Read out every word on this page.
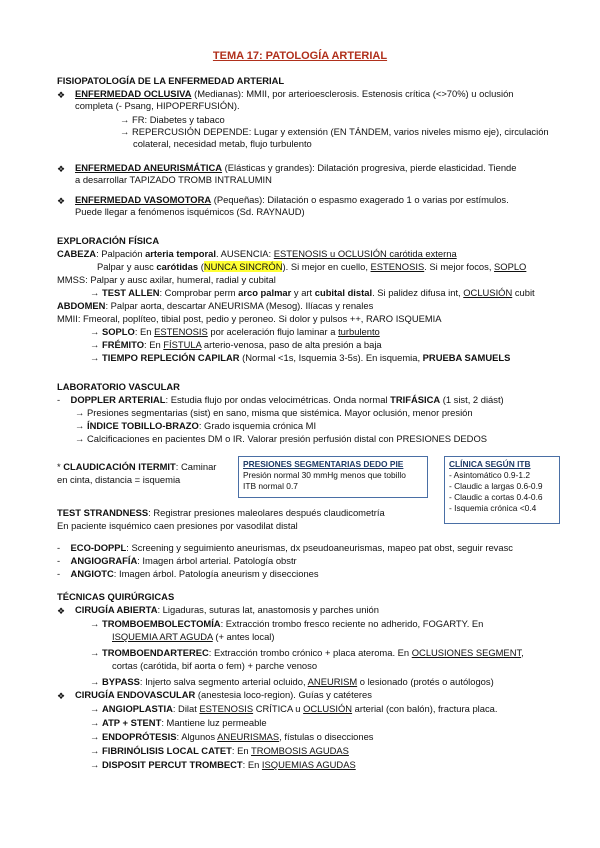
TEMA 17: PATOLOGÍA ARTERIAL
FISIOPATOLOGÍA DE LA ENFERMEDAD ARTERIAL
❖ ENFERMEDAD OCLUSIVA (Medianas): MMII, por arterioesclerosis. Estenosis crítica (<>70%) u oclusión
completa (- Psang, HIPOPERFUSIÓN).
→ FR: Diabetes y tabaco
→ REPERCUSIÓN DEPENDE: Lugar y extensión (EN TÁNDEM, varios niveles mismo eje), circulación
colateral, necesidad metab, flujo turbulento
❖ ENFERMEDAD ANEURISMÁTICA (Elásticas y grandes): Dilatación progresiva, pierde elasticidad. Tiende
a desarrollar TAPIZADO TROMB INTRALUMIN
❖ ENFERMEDAD VASOMOTORA (Pequeñas): Dilatación o espasmo exagerado 1 o varias por estímulos.
Puede llegar a fenómenos isquémicos (Sd. RAYNAUD)
EXPLORACIÓN FÍSICA
CABEZA: Palpación arteria temporal. AUSENCIA: ESTENOSIS u OCLUSIÓN carótida externa
Palpar y ausc carótidas (NUNCA SINCRÓN). Si mejor en cuello, ESTENOSIS. Si mejor focos, SOPLO
MMSS: Palpar y ausc axilar, humeral, radial y cubital
→ TEST ALLEN: Comprobar perm arco palmar y art cubital distal. Si palidez difusa int, OCLUSIÓN cubit
ABDOMEN: Palpar aorta, descartar ANEURISMA (Mesog). Ilíacas y renales
MMII: Fmeoral, poplíteo, tibial post, pedio y peroneo. Si dolor y pulsos ++, RARO ISQUEMIA
→ SOPLO: En ESTENOSIS por aceleración flujo laminar a turbulento
→ FRÉMITO: En FÍSTULA arterio-venosa, paso de alta presión a baja
→ TIEMPO REPLECIÓN CAPILAR (Normal <1s, Isquemia 3-5s). En isquemia, PRUEBA SAMUELS
LABORATORIO VASCULAR
- DOPPLER ARTERIAL: Estudia flujo por ondas velocimétricas. Onda normal TRIFÁSICA (1 sist, 2 diást)
→ Presiones segmentarias (sist) en sano, misma que sistémica. Mayor oclusión, menor presión
→ ÍNDICE TOBILLO-BRAZO: Grado isquemia crónica MI
→ Calcificaciones en pacientes DM o IR. Valorar presión perfusión distal con PRESIONES DEDOS
* CLAUDICACIÓN ITERMIT: Caminar
en cinta, distancia = isquemia
PRESIONES SEGMENTARIAS DEDO PIE
Presión normal 30 mmHg menos que tobillo
ITB normal 0.7
CLÍNICA SEGÚN ITB
- Asintomático 0.9-1.2
- Claudic a largas 0.6-0.9
- Claudic a cortas 0.4-0.6
- Isquemia crónica <0.4
TEST STRANDNESS: Registrar presiones maleolares después claudicometría
En paciente isquémico caen presiones por vasodilat distal
- ECO-DOPPL: Screening y seguimiento aneurismas, dx pseudoaneurismas, mapeo pat obst, seguir revasc
- ANGIOGRAFÍA: Imagen árbol arterial. Patología obstr
- ANGIOTC: Imagen árbol. Patología aneurism y disecciones
TÉCNICAS QUIRÚRGICAS
❖ CIRUGÍA ABIERTA: Ligaduras, suturas lat, anastomosis y parches unión
→ TROMBOEMBOLECTOMÍA: Extracción trombo fresco reciente no adherido, FOGARTY. En
ISQUEMIA ART AGUDA (+ antes local)
→ TROMBOENDARTEREC: Extracción trombo crónico + placa ateroma. En OCLUSIONES SEGMENT,
cortas (carótida, bif aorta o fem) + parche venoso
→ BYPASS: Injerto salva segmento arterial ocluido, ANEURISM o lesionado (protés o autólogos)
❖ CIRUGÍA ENDOVASCULAR (anestesia loco-region). Guías y catéteres
→ ANGIOPLASTIA: Dilat ESTENOSIS CRÍTICA u OCLUSIÓN arterial (con balón), fractura placa.
→ ATP + STENT: Mantiene luz permeable
→ ENDOPRÓTESIS: Algunos ANEURISMAS, fístulas o disecciones
→ FIBRINÓLISIS LOCAL CATET: En TROMBOSIS AGUDAS
→ DISPOSIT PERCUT TROMBECT: En ISQUEMIAS AGUDAS
